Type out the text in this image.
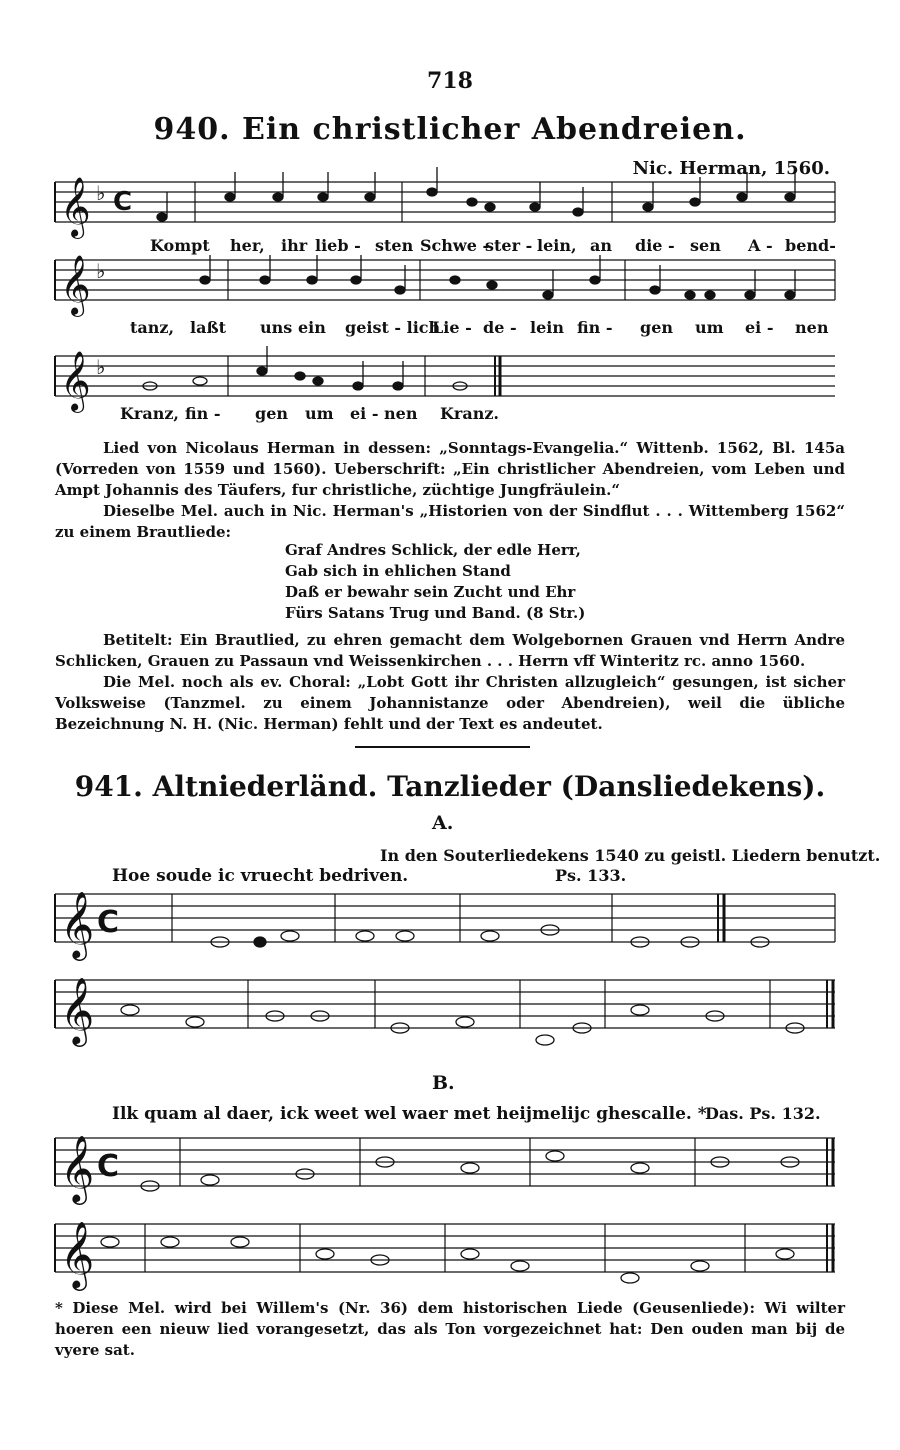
718
940. Ein christlicher Abendreien.
Nic. Herman, 1560.
𝄞 ♭ C
𝄞 ♭
𝄞 ♭
𝄞 C
𝄞
𝄞 C
𝄞
Kompt her, ihr lieb - sten Schwe -
ster - lein, an die - sen A - bend-
tanz, laßt uns ein geist - lich
Lie - de - lein fin - gen um ei - nen
Kranz, fin - gen um ei - nen Kranz.

Lied von Nicolaus Herman in dessen: „Sonntags-Evangelia.“ Wittenb. 1562, Bl. 145a (Vorreden von 1559 und 1560). Ueberschrift: „Ein christlicher Abendreien, vom Leben und Ampt Johannis des Täufers, fur christliche, züchtige Jungfräulein.“

Dieselbe Mel. auch in Nic. Herman's „Historien von der Sindflut . . . Wittemberg 1562“ zu einem Brautliede:

Graf Andres Schlick, der edle Herr,
Gab sich in ehlichen Stand
Daß er bewahr sein Zucht und Ehr
Fürs Satans Trug und Band. (8 Str.)

Betitelt: Ein Brautlied, zu ehren gemacht dem Wolgebornen Grauen vnd Herrn Andre Schlicken, Grauen zu Passaun vnd Weissenkirchen . . . Herrn vff Winteritz rc. anno 1560.

Die Mel. noch als ev. Choral: „Lobt Gott ihr Christen allzugleich“ gesungen, ist sicher Volksweise (Tanzmel. zu einem Johannistanze oder Abendreien), weil die übliche Bezeichnung N. H. (Nic. Herman) fehlt und der Text es andeutet.

941. Altniederländ. Tanzlieder (Dansliedekens).
A.
In den Souterliedekens 1540 zu geistl. Liedern benutzt.
Hoe soude ic vruecht bedriven.	Ps. 133.
B.
Ilk quam al daer, ick weet wel waer met heijmelijc ghescalle. *
Das. Ps. 132.
* Diese Mel. wird bei Willem's (Nr. 36) dem historischen Liede (Geusenliede): Wi wilter hoeren een nieuw lied vorangesetzt, das als Ton vorgezeichnet hat: Den ouden man bij de vyere sat.
